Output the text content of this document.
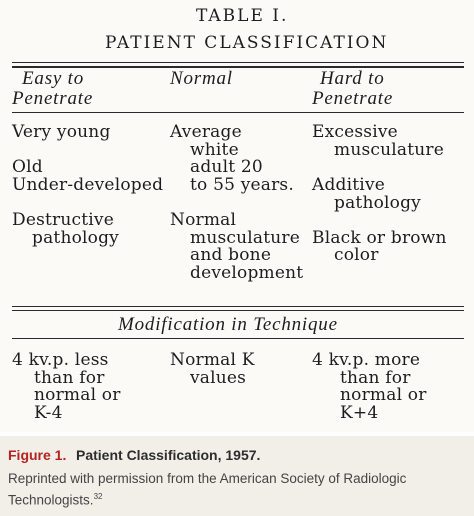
TABLE I.
PATIENT CLASSIFICATION
Easy to
Penetrate
Normal	Hard to
Penetrate
Very young
Old
Under-developed
Destructive
pathology
Average
white
adult 20
to 55 years.
Normal
musculature
and bone
development
Excessive
musculature
Additive
pathology
Black or brown
color
Modification in Technique
4 kv.p. less
than for
normal or
K-4
Normal K
values
4 kv.p. more
than for
normal or
K+4
Figure 1. Patient Classification, 1957.
Reprinted with permission from the American Society of Radiologic Technologists.$^{32}$
